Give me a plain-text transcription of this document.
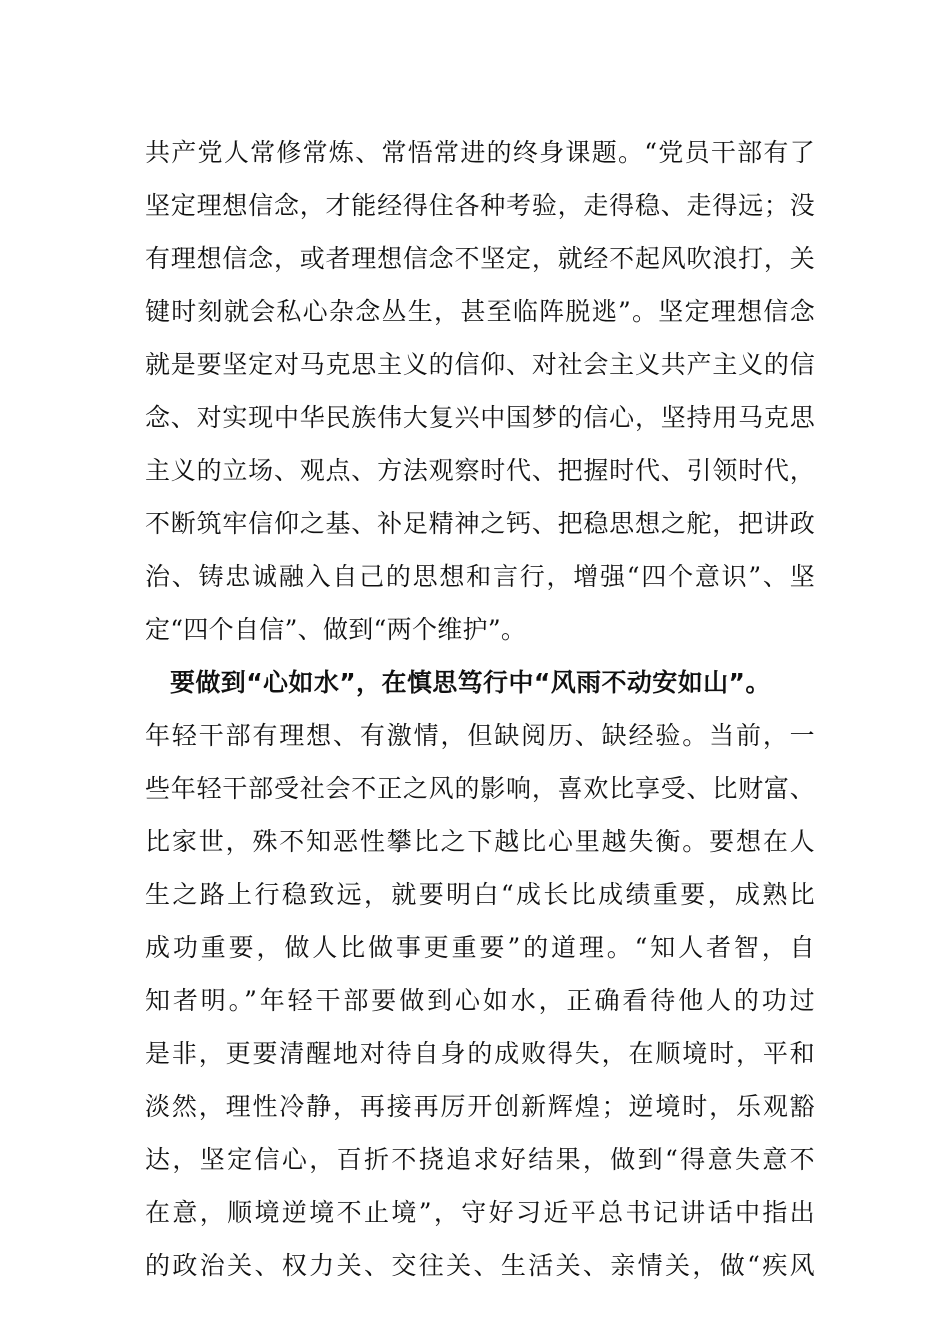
共产党人常修常炼、常悟常进的终身课题。“党员干部有了
坚定理想信念，才能经得住各种考验，走得稳、走得远；没
有理想信念，或者理想信念不坚定，就经不起风吹浪打，关
键时刻就会私心杂念丛生，甚至临阵脱逃”。坚定理想信念
就是要坚定对马克思主义的信仰、对社会主义共产主义的信
念、对实现中华民族伟大复兴中国梦的信心，坚持用马克思
主义的立场、观点、方法观察时代、把握时代、引领时代，
不断筑牢信仰之基、补足精神之钙、把稳思想之舵，把讲政
治、铸忠诚融入自己的思想和言行，增强“四个意识”、坚
定“四个自信”、做到“两个维护”。
要做到“心如水”，在慎思笃行中“风雨不动安如山”。
年轻干部有理想、有激情，但缺阅历、缺经验。当前，一
些年轻干部受社会不正之风的影响，喜欢比享受、比财富、
比家世，殊不知恶性攀比之下越比心里越失衡。要想在人
生之路上行稳致远，就要明白“成长比成绩重要，成熟比
成功重要，做人比做事更重要”的道理。“知人者智，自
知者明。”年轻干部要做到心如水，正确看待他人的功过
是非，更要清醒地对待自身的成败得失，在顺境时，平和
淡然，理性冷静，再接再厉开创新辉煌；逆境时，乐观豁
达，坚定信心，百折不挠追求好结果，做到“得意失意不
在意，顺境逆境不止境”，守好习近平总书记讲话中指出
的政治关、权力关、交往关、生活关、亲情关，做“疾风
